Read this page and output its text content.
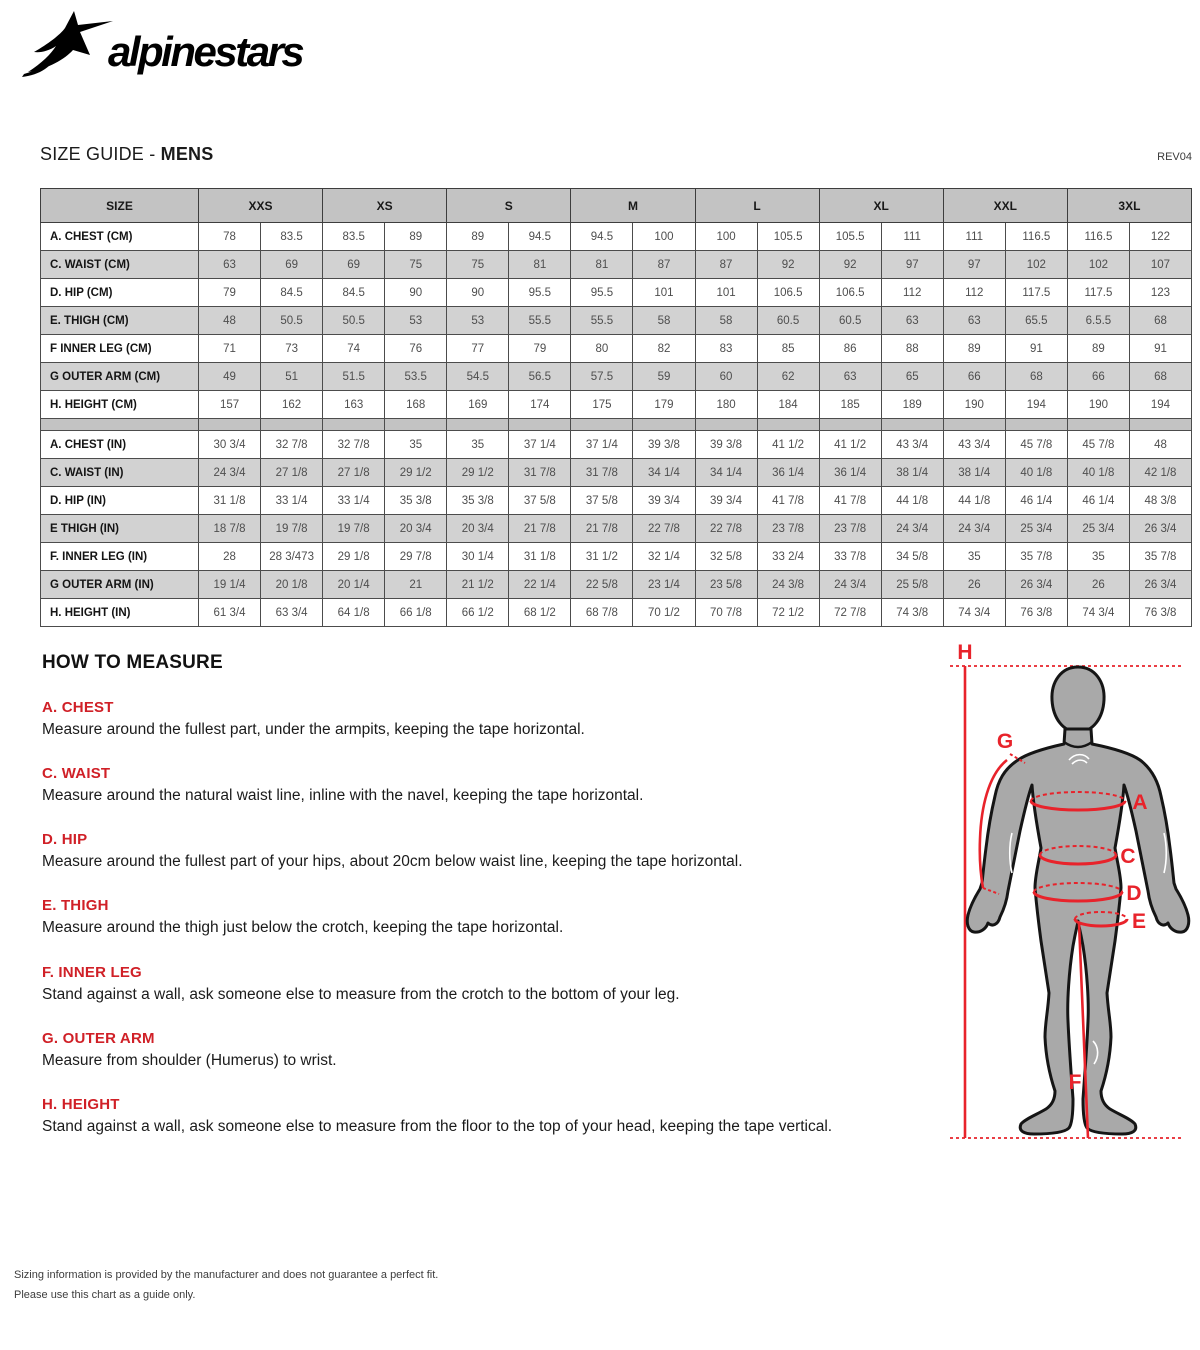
alpinestars
SIZE GUIDE - MENS	REV04
SIZE	XXS		XS		S		M		L		XL		XXL		3XL	
A. CHEST (CM)	78	83.5	83.5	89	89	94.5	94.5	100	100	105.5	105.5	111	111	116.5	116.5	122
C. WAIST (CM)	63	69	69	75	75	81	81	87	87	92	92	97	97	102	102	107
D. HIP (CM)	79	84.5	84.5	90	90	95.5	95.5	101	101	106.5	106.5	112	112	117.5	117.5	123
E. THIGH (CM)	48	50.5	50.5	53	53	55.5	55.5	58	58	60.5	60.5	63	63	65.5	6.5.5	68
F INNER LEG (CM)	71	73	74	76	77	79	80	82	83	85	86	88	89	91	89	91
G OUTER ARM (CM)	49	51	51.5	53.5	54.5	56.5	57.5	59	60	62	63	65	66	68	66	68
H. HEIGHT (CM)	157	162	163	168	169	174	175	179	180	184	185	189	190	194	190	194

A. CHEST (IN)	30 3/4	32 7/8	32 7/8	35	35	37 1/4	37 1/4	39 3/8	39 3/8	41 1/2	41 1/2	43 3/4	43 3/4	45 7/8	45 7/8	48
C. WAIST (IN)	24 3/4	27 1/8	27 1/8	29 1/2	29 1/2	31 7/8	31 7/8	34 1/4	34 1/4	36 1/4	36 1/4	38 1/4	38 1/4	40 1/8	40 1/8	42 1/8
D. HIP (IN)	31 1/8	33 1/4	33 1/4	35 3/8	35 3/8	37 5/8	37 5/8	39 3/4	39 3/4	41 7/8	41 7/8	44 1/8	44 1/8	46 1/4	46 1/4	48 3/8
E THIGH (IN)	18 7/8	19 7/8	19 7/8	20 3/4	20 3/4	21 7/8	21 7/8	22 7/8	22 7/8	23 7/8	23 7/8	24 3/4	24 3/4	25 3/4	25 3/4	26 3/4
F. INNER LEG (IN)	28	28 3/473	29 1/8	29 7/8	30 1/4	31 1/8	31 1/2	32 1/4	32 5/8	33 2/4	33 7/8	34 5/8	35	35 7/8	35	35 7/8
G OUTER ARM (IN)	19 1/4	20 1/8	20 1/4	21	21 1/2	22 1/4	22 5/8	23 1/4	23 5/8	24 3/8	24 3/4	25 5/8	26	26 3/4	26	26 3/4
H. HEIGHT (IN)	61 3/4	63 3/4	64 1/8	66 1/8	66 1/2	68 1/2	68 7/8	70 1/2	70 7/8	72 1/2	72 7/8	74 3/8	74 3/4	76 3/8	74 3/4	76 3/8
HOW TO MEASURE
A. CHEST

Measure around the fullest part, under the armpits, keeping the tape horizontal.

C. WAIST

Measure around the natural waist line, inline with the navel, keeping the tape horizontal.

D. HIP

Measure around the fullest part of your hips, about 20cm below waist line, keeping the tape horizontal.

E. THIGH

Measure around the thigh just below the crotch, keeping the tape horizontal.

F. INNER LEG

Stand against a wall, ask someone else to measure from the crotch to the bottom of your leg.

G. OUTER ARM

Measure from shoulder (Humerus) to wrist.

H. HEIGHT

Stand against a wall, ask someone else to measure from the floor to the top of your head, keeping the tape vertical.

H
G
A
C
D
E
F

Sizing information is provided by the manufacturer and does not guarantee a perfect fit.

Please use this chart as a guide only.
